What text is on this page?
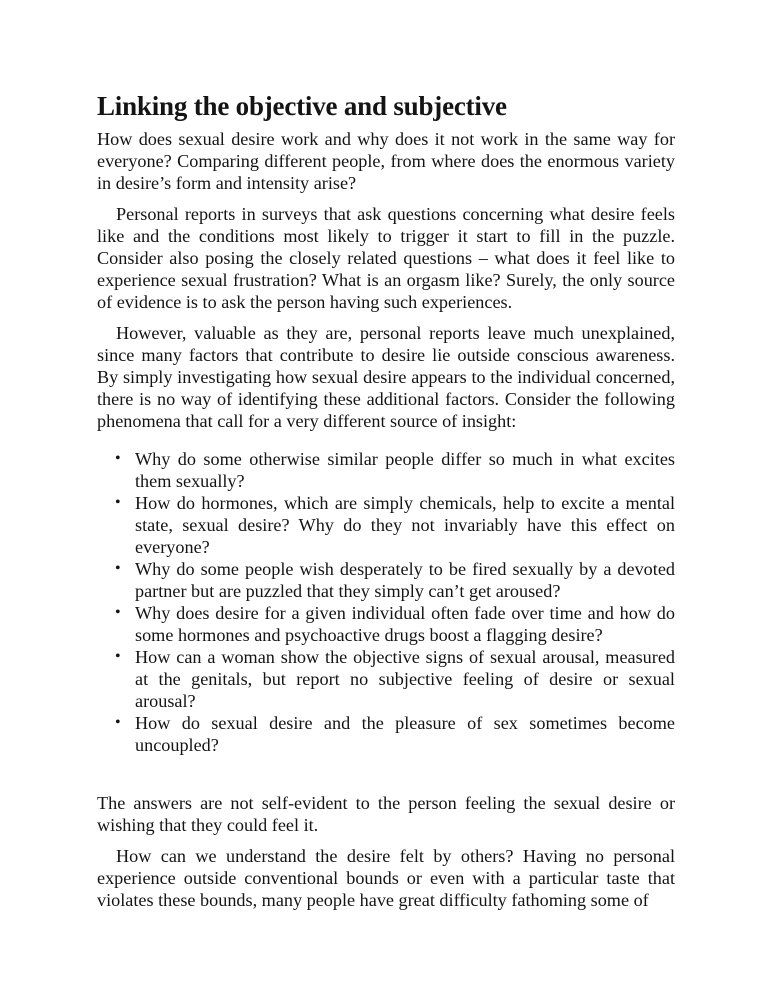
Linking the objective and subjective

How does sexual desire work and why does it not work in the same way for everyone? Comparing different people, from where does the enormous variety in desire’s form and intensity arise?

Personal reports in surveys that ask questions concerning what desire feels like and the conditions most likely to trigger it start to fill in the puzzle. Consider also posing the closely related questions – what does it feel like to experience sexual frustration? What is an orgasm like? Surely, the only source of evidence is to ask the person having such experiences.

However, valuable as they are, personal reports leave much unexplained, since many factors that contribute to desire lie outside conscious awareness. By simply investigating how sexual desire appears to the individual concerned, there is no way of identifying these additional factors. Consider the following phenomena that call for a very different source of insight:

• Why do some otherwise similar people differ so much in what excites them sexually?
• How do hormones, which are simply chemicals, help to excite a mental state, sexual desire? Why do they not invariably have this effect on everyone?
• Why do some people wish desperately to be fired sexually by a devoted partner but are puzzled that they simply can’t get aroused?
• Why does desire for a given individual often fade over time and how do some hormones and psychoactive drugs boost a flagging desire?
• How can a woman show the objective signs of sexual arousal, measured at the genitals, but report no subjective feeling of desire or sexual arousal?
• How do sexual desire and the pleasure of sex sometimes become uncoupled?

The answers are not self-evident to the person feeling the sexual desire or wishing that they could feel it.

How can we understand the desire felt by others? Having no personal experience outside conventional bounds or even with a particular taste that violates these bounds, many people have great difficulty fathoming some of
